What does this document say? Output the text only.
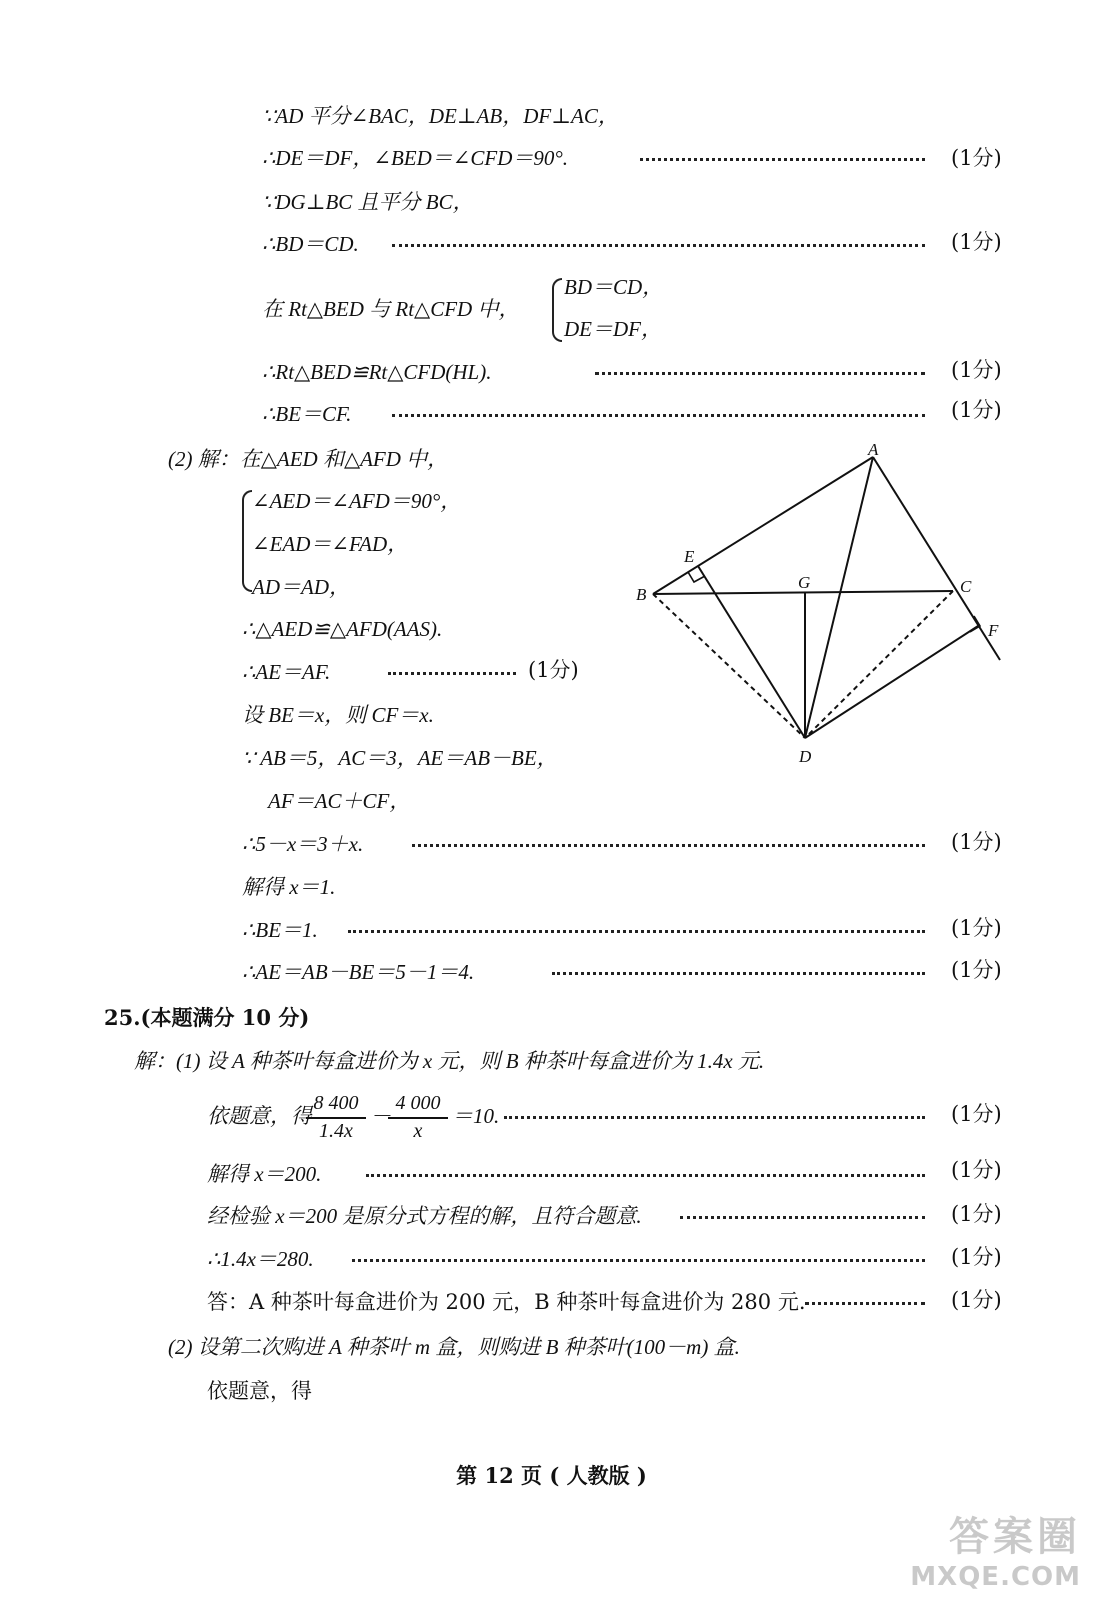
∵AD 平分∠BAC，DE⊥AB，DF⊥AC，
∴DE＝DF，∠BED＝∠CFD＝90°.	(1分)
∵DG⊥BC 且平分 BC，
∴BD＝CD.	(1分)
在 Rt△BED 与 Rt△CFD 中，
BD＝CD，
DE＝DF，
∴Rt△BED≌Rt△CFD(HL).	(1分)
∴BE＝CF.	(1分)
(2) 解：在△AED 和△AFD 中，
∠AED＝∠AFD＝90°，
∠EAD＝∠FAD，
AD＝AD，
∴△AED≌△AFD(AAS).
∴AE＝AF.	(1分)
设 BE＝x，则 CF＝x.
∵ AB＝5，AC＝3，AE＝AB－BE，
AF＝AC＋CF，
∴5－x＝3＋x.	(1分)
解得 x＝1.
∴BE＝1.	(1分)
∴AE＝AB－BE＝5－1＝4.	(1分)
A
B	C
D
E
F
G
25.(本题满分 10 分)
解：(1) 设 A 种茶叶每盒进价为 x 元，则 B 种茶叶每盒进价为 1.4x 元.
依题意，得
8 400
1.4x
－
4 000
x
＝10.	(1分)
解得 x＝200.	(1分)
经检验 x＝200 是原分式方程的解，且符合题意.	(1分)
∴1.4x＝280.	(1分)
答：A 种茶叶每盒进价为 200 元，B 种茶叶每盒进价为 280 元.	(1分)
(2) 设第二次购进 A 种茶叶 m 盒，则购进 B 种茶叶(100－m) 盒.
依题意，得
第 12 页 ( 人教版 )
答案圈
MXQE.COM
